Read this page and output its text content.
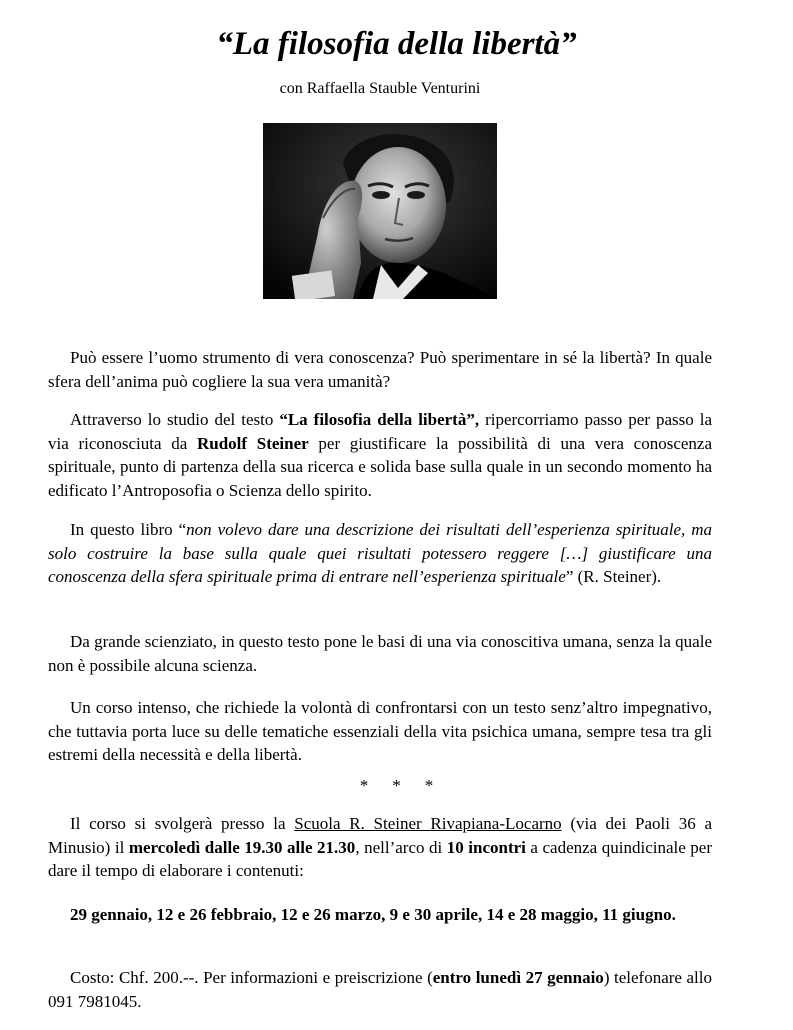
“La filosofia della libertà”
con Raffaella Stauble Venturini

Può essere l’uomo strumento di vera conoscenza? Può sperimentare in sé la libertà? In quale sfera dell’anima può cogliere la sua vera umanità?

Attraverso lo studio del testo “La filosofia della libertà”, ripercorriamo passo per passo la via riconosciuta da Rudolf Steiner per giustificare la possibilità di una vera conoscenza spirituale, punto di partenza della sua ricerca e solida base sulla quale in un secondo momento ha edificato l’Antroposofia o Scienza dello spirito.

In questo libro “non volevo dare una descrizione dei risultati dell’esperienza spirituale, ma solo costruire la base sulla quale quei risultati potessero reggere […] giustificare una conoscenza della sfera spirituale prima di entrare nell’esperienza spirituale” (R. Steiner).

Da grande scienziato, in questo testo pone le basi di una via conoscitiva umana, senza la quale non è possibile alcuna scienza.

Un corso intenso, che richiede la volontà di confrontarsi con un testo senz’altro impegnativo, che tuttavia porta luce su delle tematiche essenziali della vita psichica umana, sempre tesa tra gli estremi della necessità e della libertà.

* * *

Il corso si svolgerà presso la Scuola R. Steiner Rivapiana-Locarno (via dei Paoli 36 a Minusio) il mercoledì dalle 19.30 alle 21.30, nell’arco di 10 incontri a cadenza quindicinale per dare il tempo di elaborare i contenuti:

29 gennaio, 12 e 26 febbraio, 12 e 26 marzo, 9 e 30 aprile, 14 e 28 maggio, 11 giugno.

Costo: Chf. 200.--. Per informazioni e preiscrizione (entro lunedì 27 gennaio) telefonare allo 091 7981045.
